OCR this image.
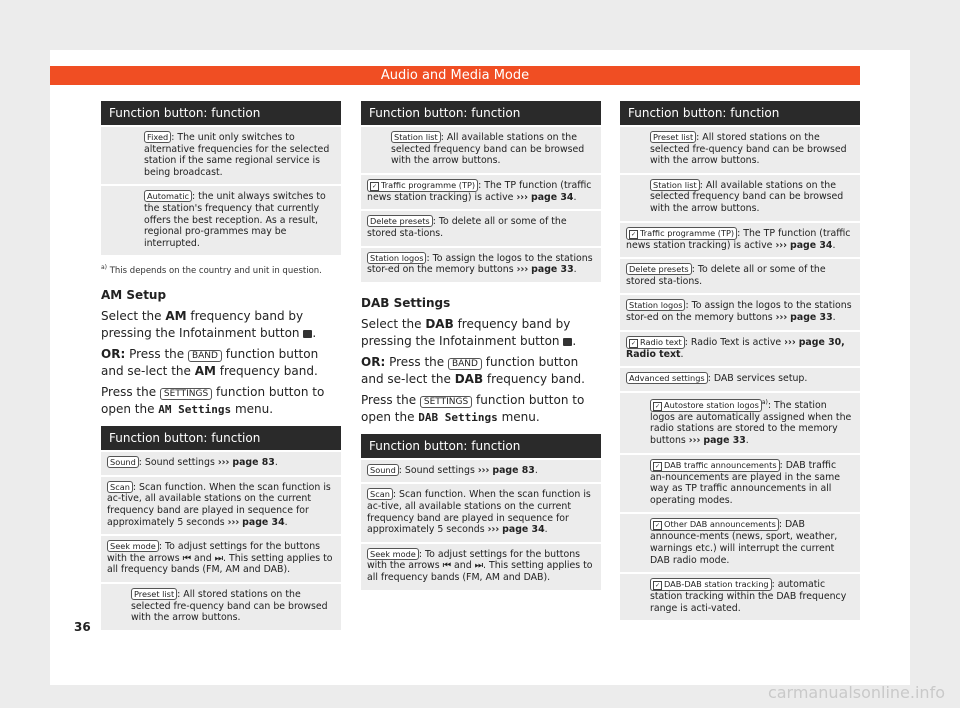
Audio and Media Mode
Function button: function
Fixed : The unit only switches to alternative frequencies for the selected station if the same regional service is being broadcast.
Automatic : the unit always switches to the station's frequency that currently offers the best reception. As a result, regional pro-grammes may be interrupted.
$^{a)}$ This depends on the country and unit in question.
AM Setup

Select the AM frequency band by pressing the Infotainment button .

OR: Press the BAND function button and se-lect the AM frequency band.

Press the SETTINGS function button to open the AM Settings menu.

Function button: function
Sound : Sound settings ››› page 83.
Scan : Scan function. When the scan function is ac-tive, all available stations on the current frequency band are played in sequence for approximately 5 seconds ››› page 34.
Seek mode : To adjust settings for the buttons with the arrows ⏮ and ⏭. This setting applies to all frequency bands (FM, AM and DAB).
Preset list : All stored stations on the selected fre-quency band can be browsed with the arrow buttons.
Function button: function
Station list : All available stations on the selected frequency band can be browsed with the arrow buttons.
✓ Traffic programme (TP) : The TP function (traffic news station tracking) is active ››› page 34.
Delete presets : To delete all or some of the stored sta-tions.
Station logos : To assign the logos to the stations stor-ed on the memory buttons ››› page 33.
DAB Settings

Select the DAB frequency band by pressing the Infotainment button .

OR: Press the BAND function button and se-lect the DAB frequency band.

Press the SETTINGS function button to open the DAB Settings menu.

Function button: function
Sound : Sound settings ››› page 83.
Scan : Scan function. When the scan function is ac-tive, all available stations on the current frequency band are played in sequence for approximately 5 seconds ››› page 34.
Seek mode : To adjust settings for the buttons with the arrows ⏮ and ⏭. This setting applies to all frequency bands (FM, AM and DAB).
Function button: function
Preset list : All stored stations on the selected fre-quency band can be browsed with the arrow buttons.
Station list : All available stations on the selected frequency band can be browsed with the arrow buttons.
✓ Traffic programme (TP) : The TP function (traffic news station tracking) is active ››› page 34.
Delete presets : To delete all or some of the stored sta-tions.
Station logos : To assign the logos to the stations stor-ed on the memory buttons ››› page 33.
✓ Radio text : Radio Text is active ››› page 30, Radio text.
Advanced settings : DAB services setup.
✓ Autostore station logos $^{a)}$: The station logos are automatically assigned when the radio stations are stored to the memory buttons ››› page 33.
✓ DAB traffic announcements : DAB traffic an-nouncements are played in the same way as TP traffic announcements in all operating modes.
✓ Other DAB announcements : DAB announce-ments (news, sport, weather, warnings etc.) will interrupt the current DAB radio mode.
✓ DAB-DAB station tracking : automatic station tracking within the DAB frequency range is acti-vated.
36
carmanualsonline.info
